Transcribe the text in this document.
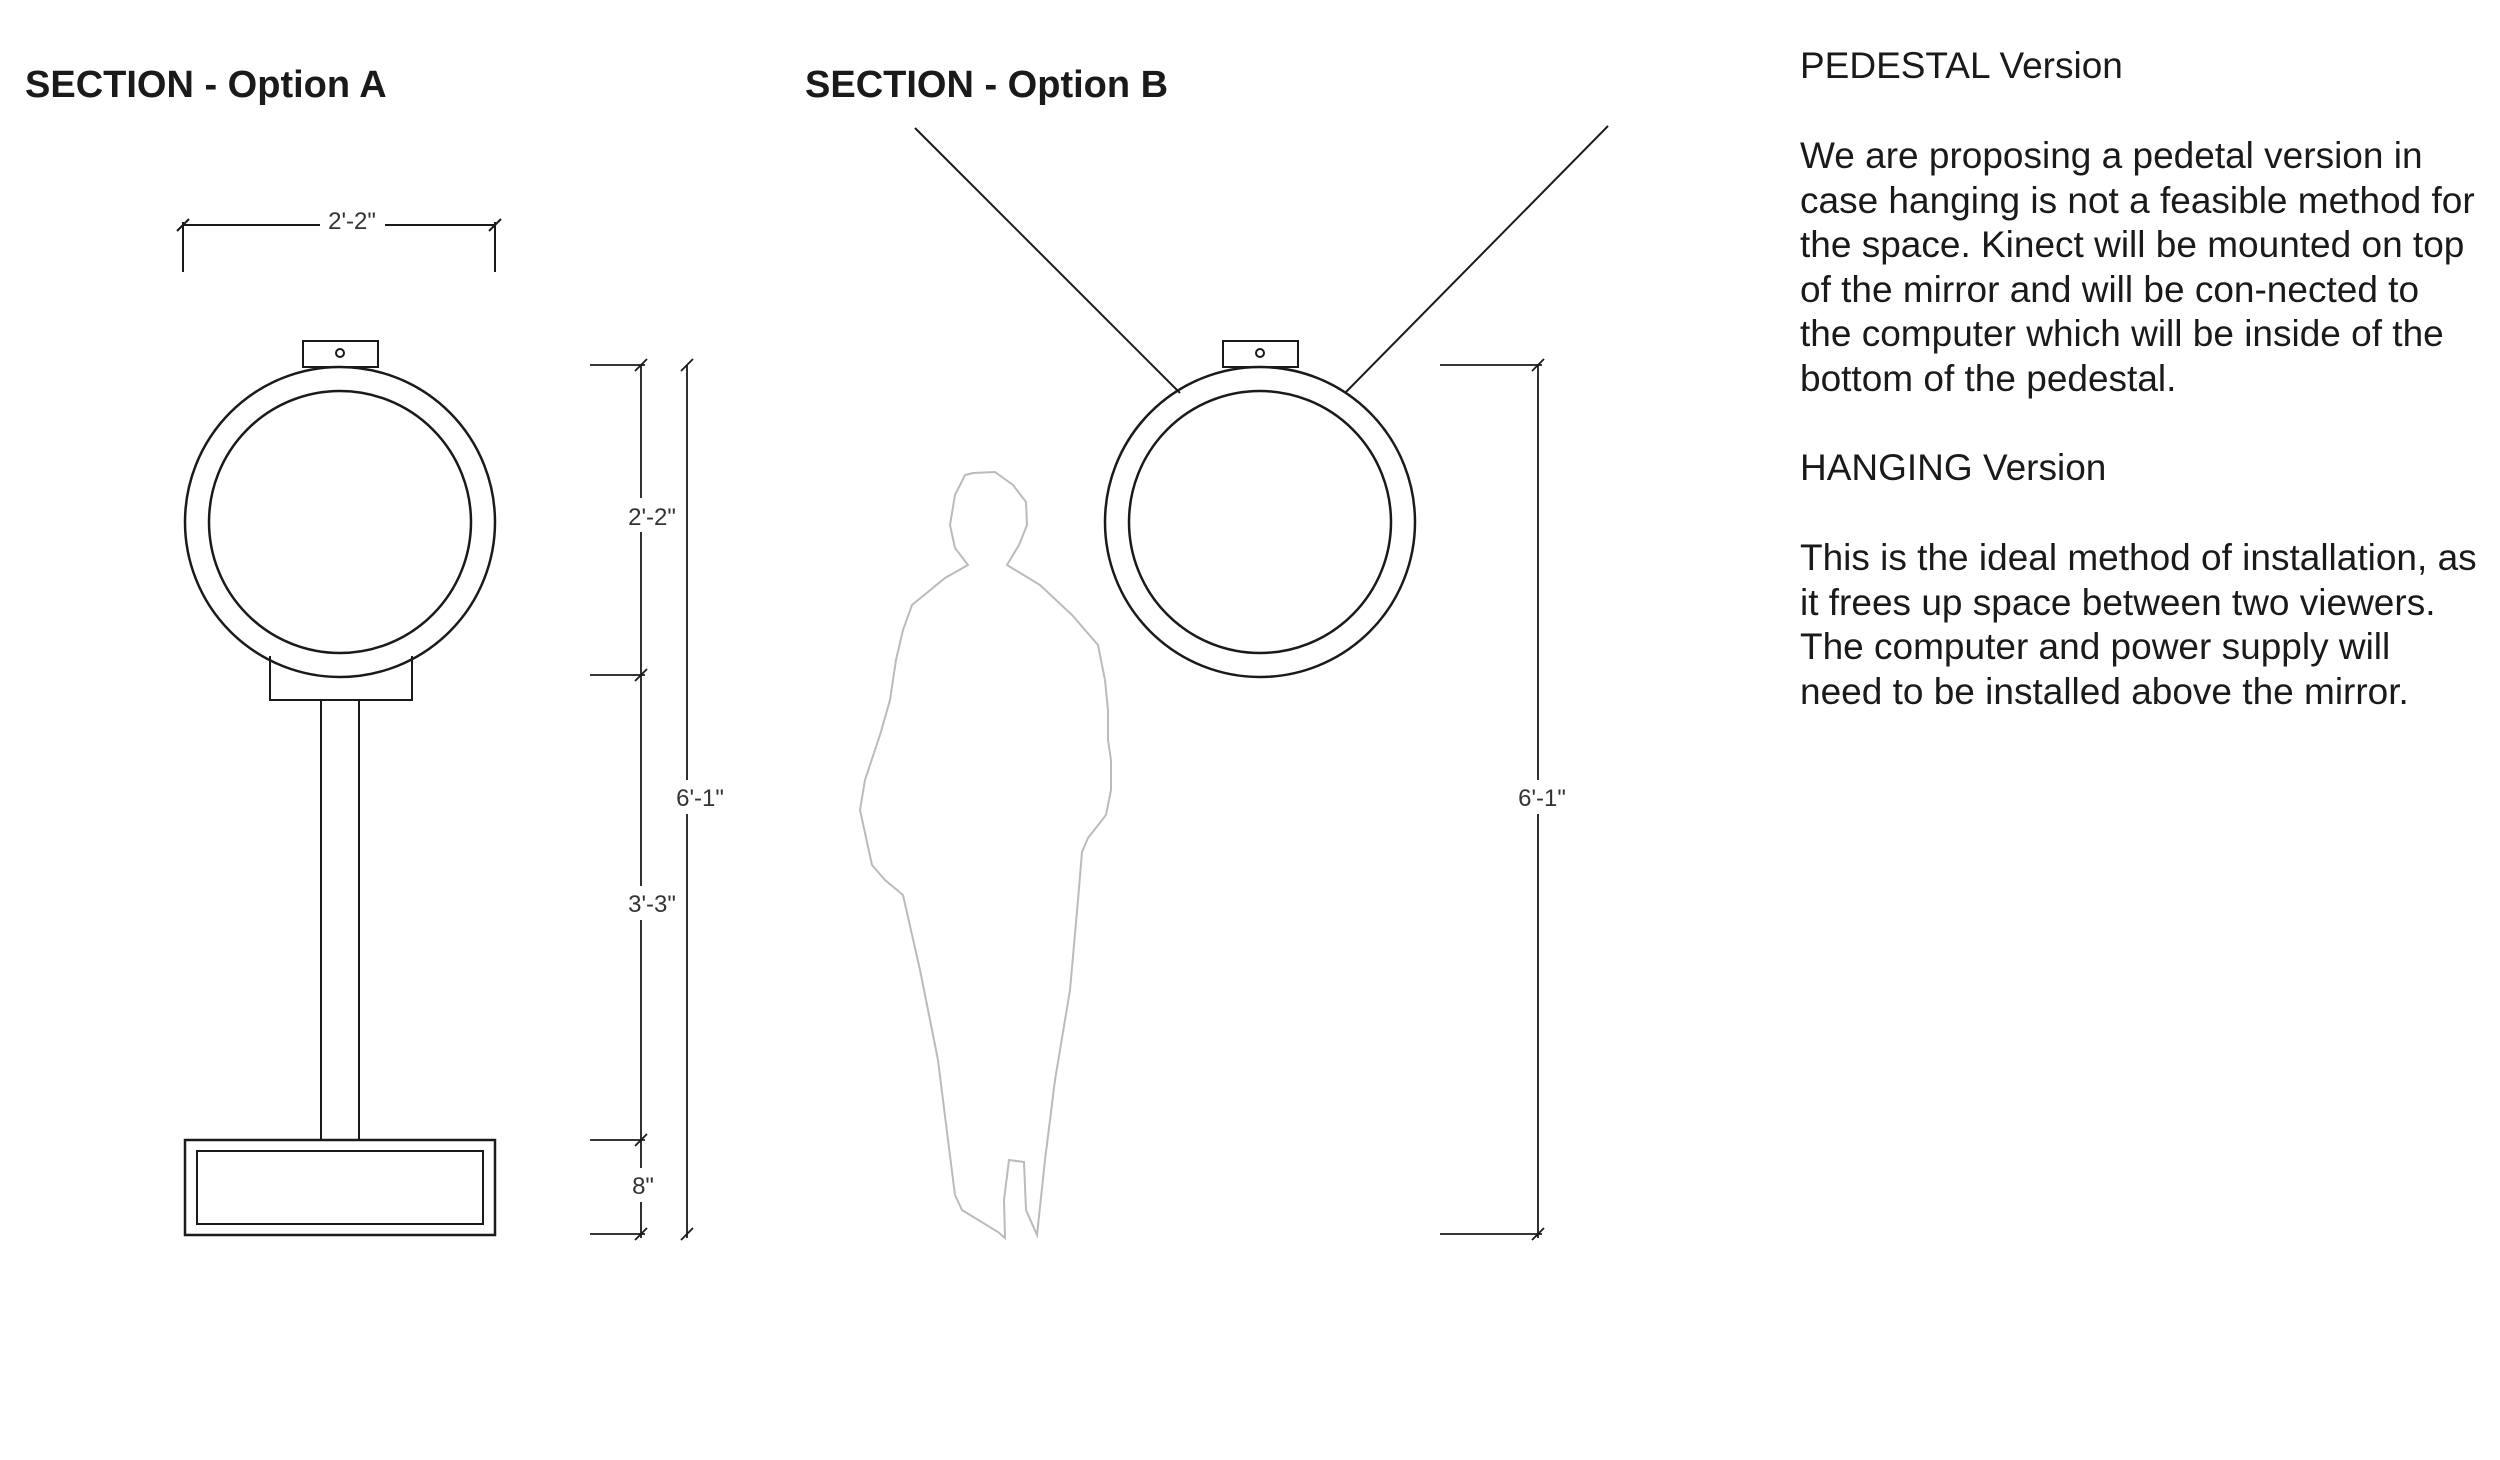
SECTION - Option A	SECTION - Option B
2'-2"
2'-2"
3'-3"
8"
6'-1"	6'-1"
PEDESTAL Version
We are proposing a pedetal version in case hanging is not a feasible method for the space. Kinect will be mounted on top of the mirror and will be con-nected to the computer which will be inside of the bottom of the pedestal.
HANGING Version
This is the ideal method of installation, as it frees up space between two viewers. The computer and power supply will need to be installed above the mirror.
